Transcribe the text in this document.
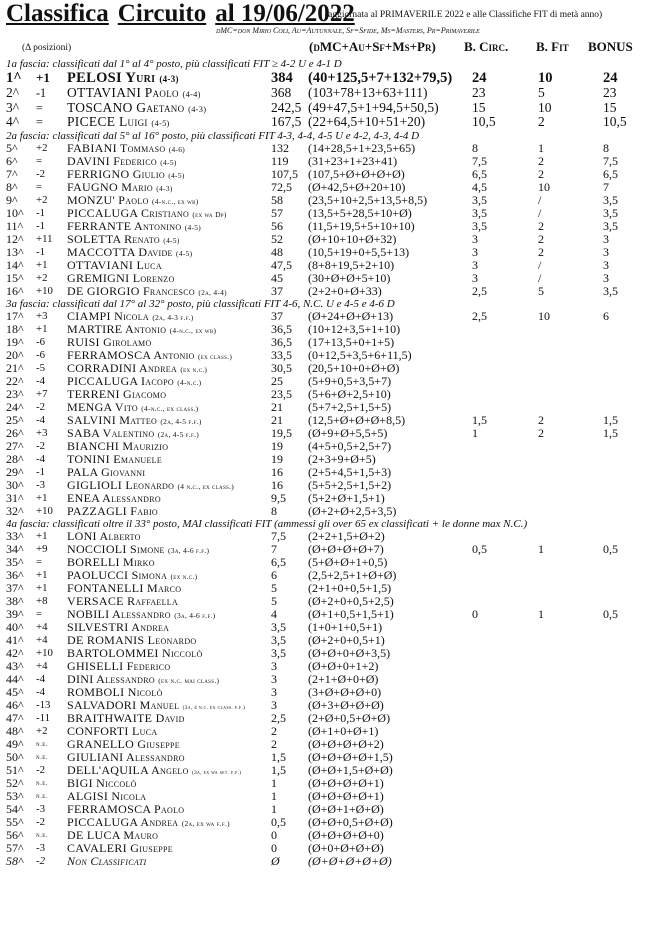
Classifica Circuito al 19/06/2022
(aggiornata al PRIMAVERILE 2022 e alle Classifiche FIT di metà anno)
dMC=don Mirio Coli, Au=Autunnale, Sf=Sfide, Ms=Masters, Pr=Primaverile
(Δ posizioni)	(dMC+Au+Sf+Ms+Pr) B. Circ. B. Fit BONUS
1a fascia: classificati dal 1° al 4° posto, più classificati FIT ≥ 4-2 U e 4-1 D
1^ +1 PELOSI Yuri (4-3)	384 (40+125,5+7+132+79,5) 24	10	24
2^ -1 OTTAVIANI Paolo (4-4)	368 (103+78+13+63+111)	23	5	23
3^ = TOSCANO Gaetano (4-3)	242,5 (49+47,5+1+94,5+50,5) 15	10	15
4^ = PICECE Luigi (4-5)	167,5 (22+64,5+10+51+20)	10,5	2	10,5
2a fascia: classificati dal 5° al 16° posto, più classificati FIT 4-3, 4-4, 4-5 U e 4-2, 4-3, 4-4 D
5^ +2 FABIANI Tommaso (4-6)	132 (14+28,5+1+23,5+65)	8	1	8
6^ = DAVINI Federico (4-5)	119 (31+23+1+23+41)	7,5	2	7,5
7^ -2 FERRIGNO Giulio (4-5)	107,5 (107,5+Ø+Ø+Ø+Ø)	6,5	2	6,5
8^ = FAUGNO Mario (4-3)	72,5 (Ø+42,5+Ø+20+10)	4,5	10	7
9^ +2 MONZU' Paolo (4-n.c., ex wb)	58 (23,5+10+2,5+13,5+8,5)	3,5	/	3,5
10^ -1 PICCALUGA Cristiano (ex wa Dp)	57 (13,5+5+28,5+10+Ø)	3,5	/	3,5
11^ -1 FERRANTE Antonino (4-5)	56 (11,5+19,5+5+10+10)	3,5	2	3,5
12^ +11 SOLETTA Renato (4-5)	52 (Ø+10+10+Ø+32)	3	2	3
13^ -1 MACCOTTA Davide (4-5)	48 (10,5+19+0+5,5+13)	3	2	3
14^ +1 OTTAVIANI Luca	47,5 (8+8+19,5+2+10)	3	/	3
15^ +2 GREMIGNI Lorenzo	45 (30+Ø+Ø+5+10)	3	/	3
16^ +10 DE GIORGIO Francesco (2a, 4-4)	37 (2+2+0+Ø+33)	2,5	5	3,5
3a fascia: classificati dal 17° al 32° posto, più classificati FIT 4-6, N.C. U e 4-5 e 4-6 D
17^ +3 CIAMPI Nicola (2a, 4-3 f.f.)	37 (Ø+24+Ø+Ø+13)	2,5	10	6
18^ +1 MARTIRE Antonio (4-n.c., ex wb)	36,5 (10+12+3,5+1+10)
19^ -6 RUISI Girolamo	36,5 (17+13,5+0+1+5)
20^ -6 FERRAMOSCA Antonio (ex class.)	33,5 (0+12,5+3,5+6+11,5)
21^ -5 CORRADINI Andrea (ex n.c.)	30,5 (20,5+10+0+Ø+Ø)
22^ -4 PICCALUGA Iacopo (4-n.c.)	25 (5+9+0,5+3,5+7)
23^ +7 TERRENI Giacomo	23,5 (5+6+Ø+2,5+10)
24^ -2 MENGA Vito (4-n.c., ex class.)	21 (5+7+2,5+1,5+5)
25^ -4 SALVINI Matteo (2a, 4-5 f.f.)	21 (12,5+Ø+Ø+Ø+8,5)	1,5	2	1,5
26^ +3 SABA Valentino (2a, 4-5 f.f.)	19,5 (Ø+9+Ø+5,5+5)	1	2	1,5
27^ -2 BIANCHI Maurizio	19 (4+5+0,5+2,5+7)
28^ -4 TONINI Emanuele	19 (2+3+9+Ø+5)
29^ -1 PALA Giovanni	16 (2+5+4,5+1,5+3)
30^ -3 GIGLIOLI Leonardo (4 n.c., ex class.)	16 (5+5+2,5+1,5+2)
31^ +1 ENEA Alessandro	9,5 (5+2+Ø+1,5+1)
32^ +10 PAZZAGLI Fabio	8	(Ø+2+Ø+2,5+3,5)
4a fascia: classificati oltre il 33° posto, MAI classificati FIT (ammessi gli over 65 ex classificati + le donne max N.C.)
33^ +1 LONI Alberto	7,5 (2+2+1,5+Ø+2)
34^ +9 NOCCIOLI Simone (3a, 4-6 f.f.)	7	(Ø+Ø+Ø+Ø+7)	0,5	1	0,5
35^ = BORELLI Mirko	6,5 (5+Ø+Ø+1+0,5)
36^ +1 PAOLUCCI Simona (ex n.c.)	6	(2,5+2,5+1+Ø+Ø)
37^ +1 FONTANELLI Marco	5	(2+1+0+0,5+1,5)
38^ +8 VERSACE Raffaella	5	(Ø+2+0+0,5+2,5)
39^ = NOBILI Alessandro (3a, 4-6 f.f.)	4	(Ø+1+0,5+1,5+1)	0	1	0,5
40^ +4 SILVESTRI Andrea	3,5 (1+0+1+0,5+1)
41^ +4 DE ROMANIS Leonardo	3,5 (Ø+2+0+0,5+1)
42^ +10 BARTOLOMMEI Niccolò	3,5 (Ø+Ø+0+Ø+3,5)
43^ +4 GHISELLI Federico	3	(Ø+Ø+0+1+2)
44^ -4 DINI Alessandro (ex n.c. mai class.)	3	(2+1+Ø+0+Ø)
45^ -4 ROMBOLI Nicolò	3	(3+Ø+Ø+Ø+0)
46^ -13 SALVADORI Manuel (3a, 4 n.c. ex class. f.f.) 3	(Ø+3+Ø+Ø+Ø)
47^ -11 BRAITHWAITE David	2,5 (2+Ø+0,5+Ø+Ø)
48^ +2 CONFORTI Luca	2	(Ø+1+0+Ø+1)
49^ n.e. GRANELLO Giuseppe	2	(Ø+Ø+Ø+Ø+2)
50^ n.e. GIULIANI Alessandro	1,5 (Ø+Ø+Ø+Ø+1,5)
51^ -2 DELL'AQUILA Angelo (3a, ex wa set. f.f.) 1,5 (Ø+Ø+1,5+Ø+Ø)
52^ n.e. BIGI Niccolò	1	(Ø+Ø+Ø+Ø+1)
53^ n.e. ALGISI Nicola	1	(Ø+Ø+Ø+Ø+1)
54^ -3 FERRAMOSCA Paolo	1	(Ø+Ø+1+Ø+Ø)
55^ -2 PICCALUGA Andrea (2a, ex wa f.f.)	0,5 (Ø+Ø+0,5+Ø+Ø)
56^ n.e. DE LUCA Mauro	0	(Ø+Ø+Ø+Ø+0)
57^ -3 CAVALERI Giuseppe	0	(Ø+0+Ø+Ø+Ø)
58^ -2 Non Classificati	Ø (Ø+Ø+Ø+Ø+Ø)
